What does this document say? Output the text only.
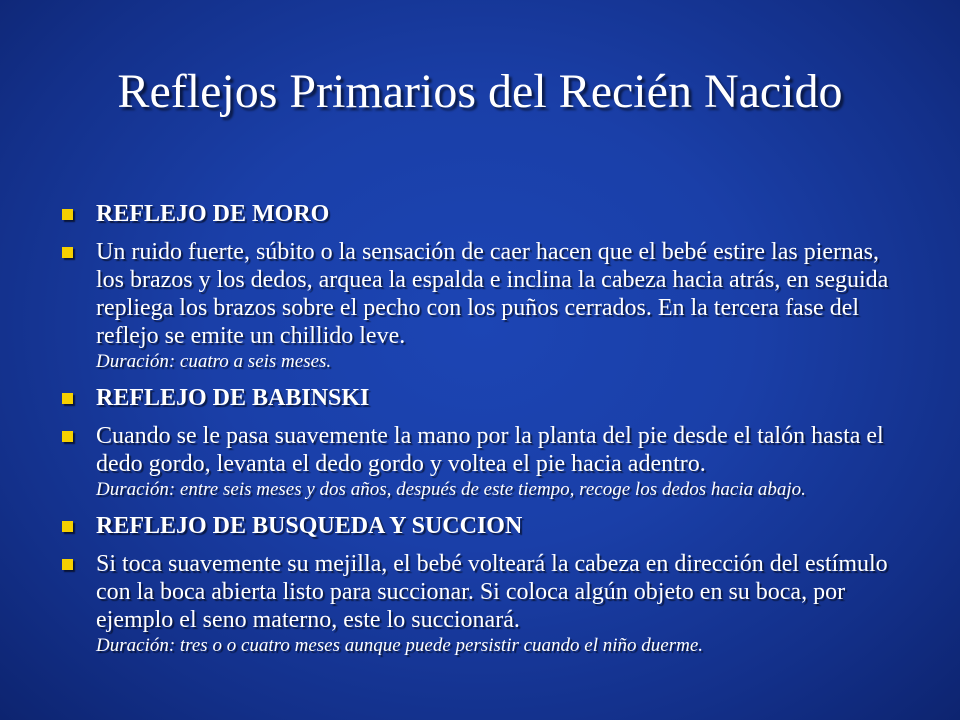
Reflejos Primarios del Recién Nacido
REFLEJO DE MORO
Un ruido fuerte, súbito o la sensación de caer hacen que el bebé estire las piernas, los brazos y los dedos, arquea la espalda e inclina la cabeza hacia atrás, en seguida repliega los brazos sobre el pecho con los puños cerrados. En la tercera fase del reflejo se emite un chillido leve.
Duración: cuatro a seis meses.
REFLEJO DE BABINSKI
Cuando se le pasa suavemente la mano por la planta del pie desde el talón hasta el dedo gordo, levanta el dedo gordo y voltea el pie hacia adentro.
Duración: entre seis meses y dos años, después de este tiempo, recoge los dedos hacia abajo.
REFLEJO DE BUSQUEDA Y SUCCION
Si toca suavemente su mejilla, el bebé volteará la cabeza en dirección del estímulo con la boca abierta listo para succionar. Si coloca algún objeto en su boca, por ejemplo el seno materno, este lo succionará.
Duración: tres o o cuatro meses aunque puede persistir cuando el niño duerme.
